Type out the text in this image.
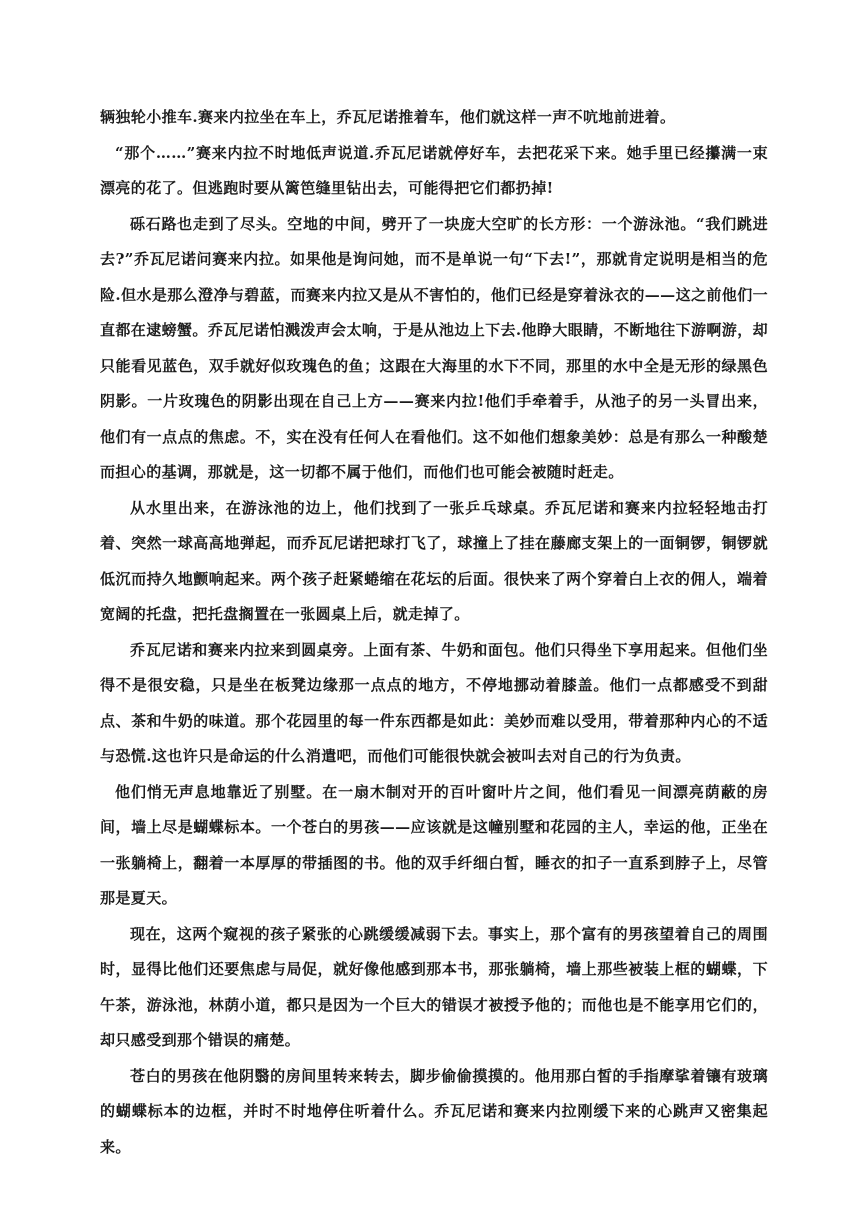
辆独轮小推车.赛来内拉坐在车上，乔瓦尼诺推着车，他们就这样一声不吭地前进着。

“那个……”赛来内拉不时地低声说道.乔瓦尼诺就停好车，去把花采下来。她手里已经攥满一束漂亮的花了。但逃跑时要从篱笆缝里钻出去，可能得把它们都扔掉!

砾石路也走到了尽头。空地的中间，劈开了一块庞大空旷的长方形：一个游泳池。“我们跳进去?”乔瓦尼诺问赛来内拉。如果他是询问她，而不是单说一句“下去!”，那就肯定说明是相当的危险.但水是那么澄净与碧蓝，而赛来内拉又是从不害怕的，他们已经是穿着泳衣的——这之前他们一直都在逮螃蟹。乔瓦尼诺怕溅泼声会太响，于是从池边上下去.他睁大眼睛，不断地往下游啊游，却只能看见蓝色，双手就好似玫瑰色的鱼；这跟在大海里的水下不同，那里的水中全是无形的绿黑色阴影。一片玫瑰色的阴影出现在自己上方——赛来内拉!他们手牵着手，从池子的另一头冒出来，他们有一点点的焦虑。不，实在没有任何人在看他们。这不如他们想象美妙：总是有那么一种酸楚而担心的基调，那就是，这一切都不属于他们，而他们也可能会被随时赶走。

从水里出来，在游泳池的边上，他们找到了一张乒乓球桌。乔瓦尼诺和赛来内拉轻轻地击打着、突然一球高高地弹起，而乔瓦尼诺把球打飞了，球撞上了挂在藤廊支架上的一面铜锣，铜锣就低沉而持久地颤响起来。两个孩子赶紧蜷缩在花坛的后面。很快来了两个穿着白上衣的佣人，端着宽阔的托盘，把托盘搁置在一张圆桌上后，就走掉了。

乔瓦尼诺和赛来内拉来到圆桌旁。上面有茶、牛奶和面包。他们只得坐下享用起来。但他们坐得不是很安稳，只是坐在板凳边缘那一点点的地方，不停地挪动着膝盖。他们一点都感受不到甜点、茶和牛奶的味道。那个花园里的每一件东西都是如此：美妙而难以受用，带着那种内心的不适与恐慌.这也许只是命运的什么消遣吧，而他们可能很快就会被叫去对自己的行为负责。

他们悄无声息地靠近了别墅。在一扇木制对开的百叶窗叶片之间，他们看见一间漂亮荫蔽的房间，墙上尽是蝴蝶标本。一个苍白的男孩——应该就是这幢别墅和花园的主人，幸运的他，正坐在一张躺椅上，翻着一本厚厚的带插图的书。他的双手纤细白皙，睡衣的扣子一直系到脖子上，尽管那是夏天。

现在，这两个窥视的孩子紧张的心跳缓缓减弱下去。事实上，那个富有的男孩望着自己的周围时，显得比他们还要焦虑与局促，就好像他感到那本书，那张躺椅，墙上那些被装上框的蝴蝶，下午茶，游泳池，林荫小道，都只是因为一个巨大的错误才被授予他的；而他也是不能享用它们的，却只感受到那个错误的痛楚。

苍白的男孩在他阴翳的房间里转来转去，脚步偷偷摸摸的。他用那白皙的手指摩挲着镶有玻璃的蝴蝶标本的边框，并时不时地停住听着什么。乔瓦尼诺和赛来内拉刚缓下来的心跳声又密集起来。
